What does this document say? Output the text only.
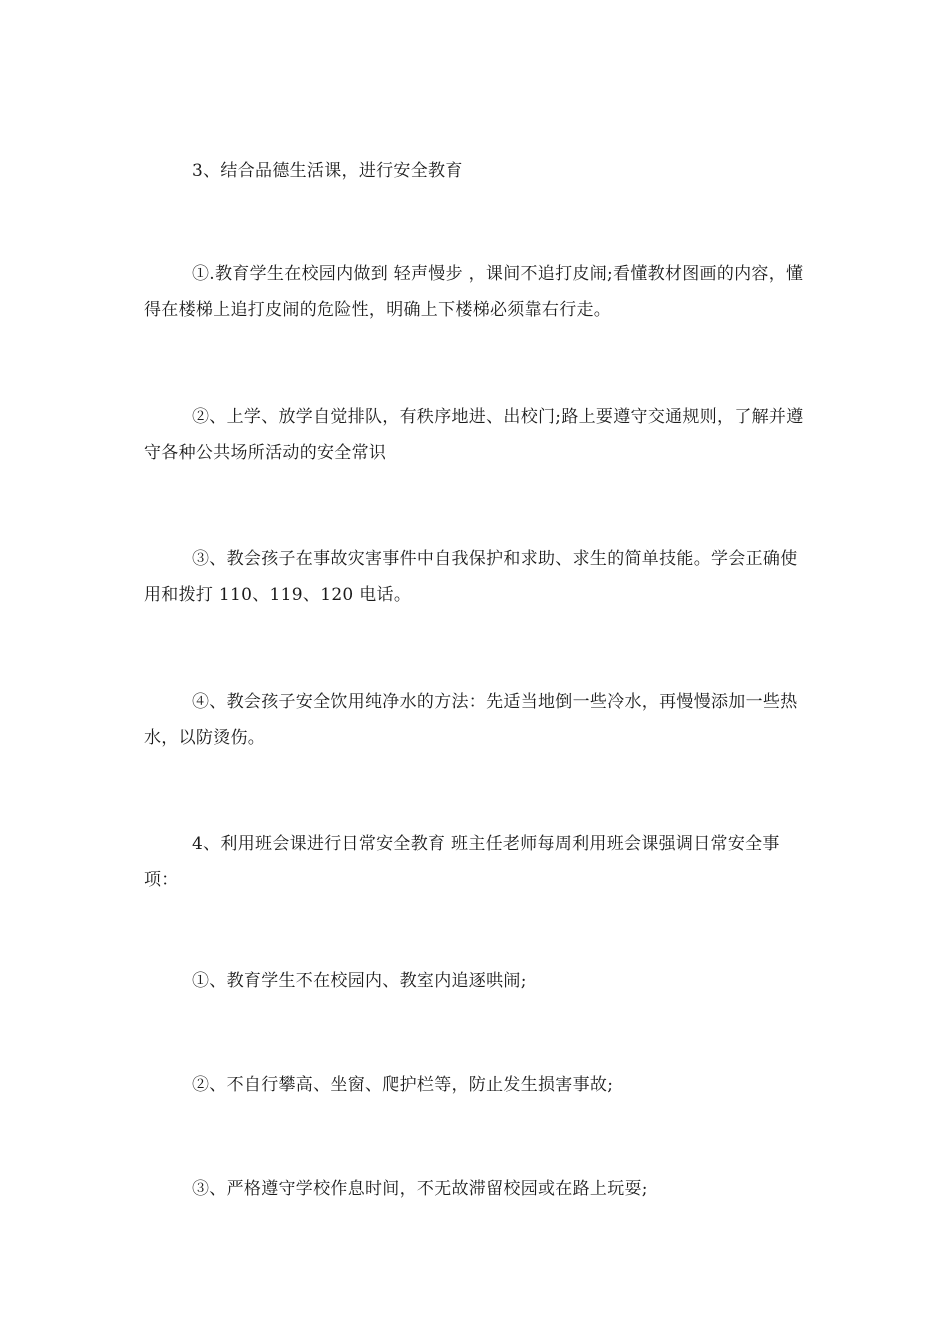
3、结合品德生活课，进行安全教育

①.教育学生在校园内做到 轻声慢步 ，课间不追打皮闹;看懂教材图画的内容，懂得在楼梯上追打皮闹的危险性，明确上下楼梯必须靠右行走。

②、上学、放学自觉排队，有秩序地进、出校门;路上要遵守交通规则，了解并遵守各种公共场所活动的安全常识

③、教会孩子在事故灾害事件中自我保护和求助、求生的简单技能。学会正确使用和拨打 110、119、120 电话。

④、教会孩子安全饮用纯净水的方法：先适当地倒一些冷水，再慢慢添加一些热水，以防烫伤。

4、利用班会课进行日常安全教育 班主任老师每周利用班会课强调日常安全事项：

①、教育学生不在校园内、教室内追逐哄闹;

②、不自行攀高、坐窗、爬护栏等，防止发生损害事故;

③、严格遵守学校作息时间，不无故滞留校园或在路上玩耍;
